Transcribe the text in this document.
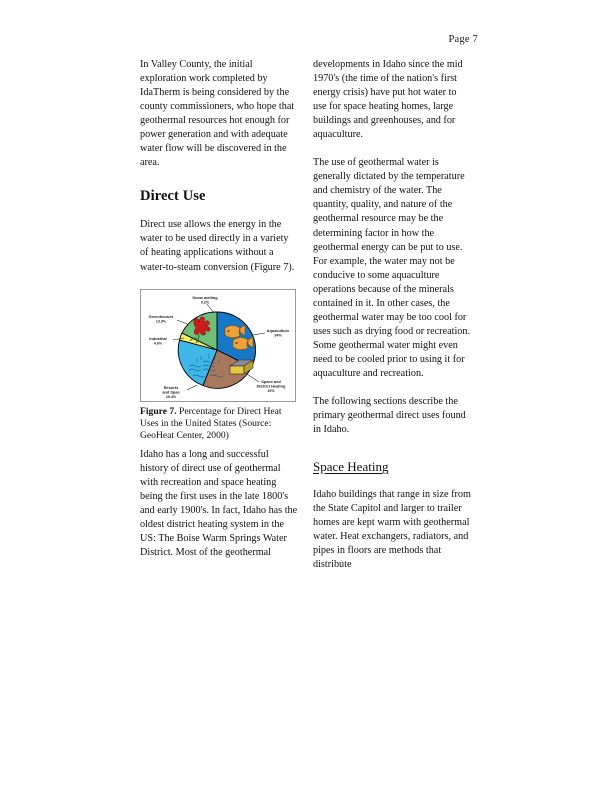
Page 7

In Valley County, the initial exploration work completed by IdaTherm is being considered by the county commissioners, who hope that geothermal resources hot enough for power generation and with adequate water flow will be discovered in the area.

Direct Use

Direct use allows the energy in the water to be used directly in a variety of heating applications without a water-to-steam conversion (Figure 7).

Snow melting
0.2%
Greenhouses
13.9%
Industrial
4.6%
Aquaculture
34%
Space and
District Heating
19%
Resorts
and Spas
29.4%

Figure 7. Percentage for Direct Heat Uses in the United States (Source: GeoHeat Center, 2000)

Idaho has a long and successful history of direct use of geothermal with recreation and space heating being the first uses in the late 1800's and early 1900's. In fact, Idaho has the oldest district heating system in the US: The Boise Warm Springs Water District. Most of the geothermal

developments in Idaho since the mid 1970's (the time of the nation's first energy crisis) have put hot water to use for space heating homes, large buildings and greenhouses, and for aquaculture.

The use of geothermal water is generally dictated by the temperature and chemistry of the water. The quantity, quality, and nature of the geothermal resource may be the determining factor in how the geothermal energy can be put to use. For example, the water may not be conducive to some aquaculture operations because of the minerals contained in it. In other cases, the geothermal water may be too cool for uses such as drying food or recreation. Some geothermal water might even need to be cooled prior to using it for aquaculture and recreation.

The following sections describe the primary geothermal direct uses found in Idaho.

Space Heating

Idaho buildings that range in size from the State Capitol and larger to trailer homes are kept warm with geothermal water. Heat exchangers, radiators, and pipes in floors are methods that distribute
